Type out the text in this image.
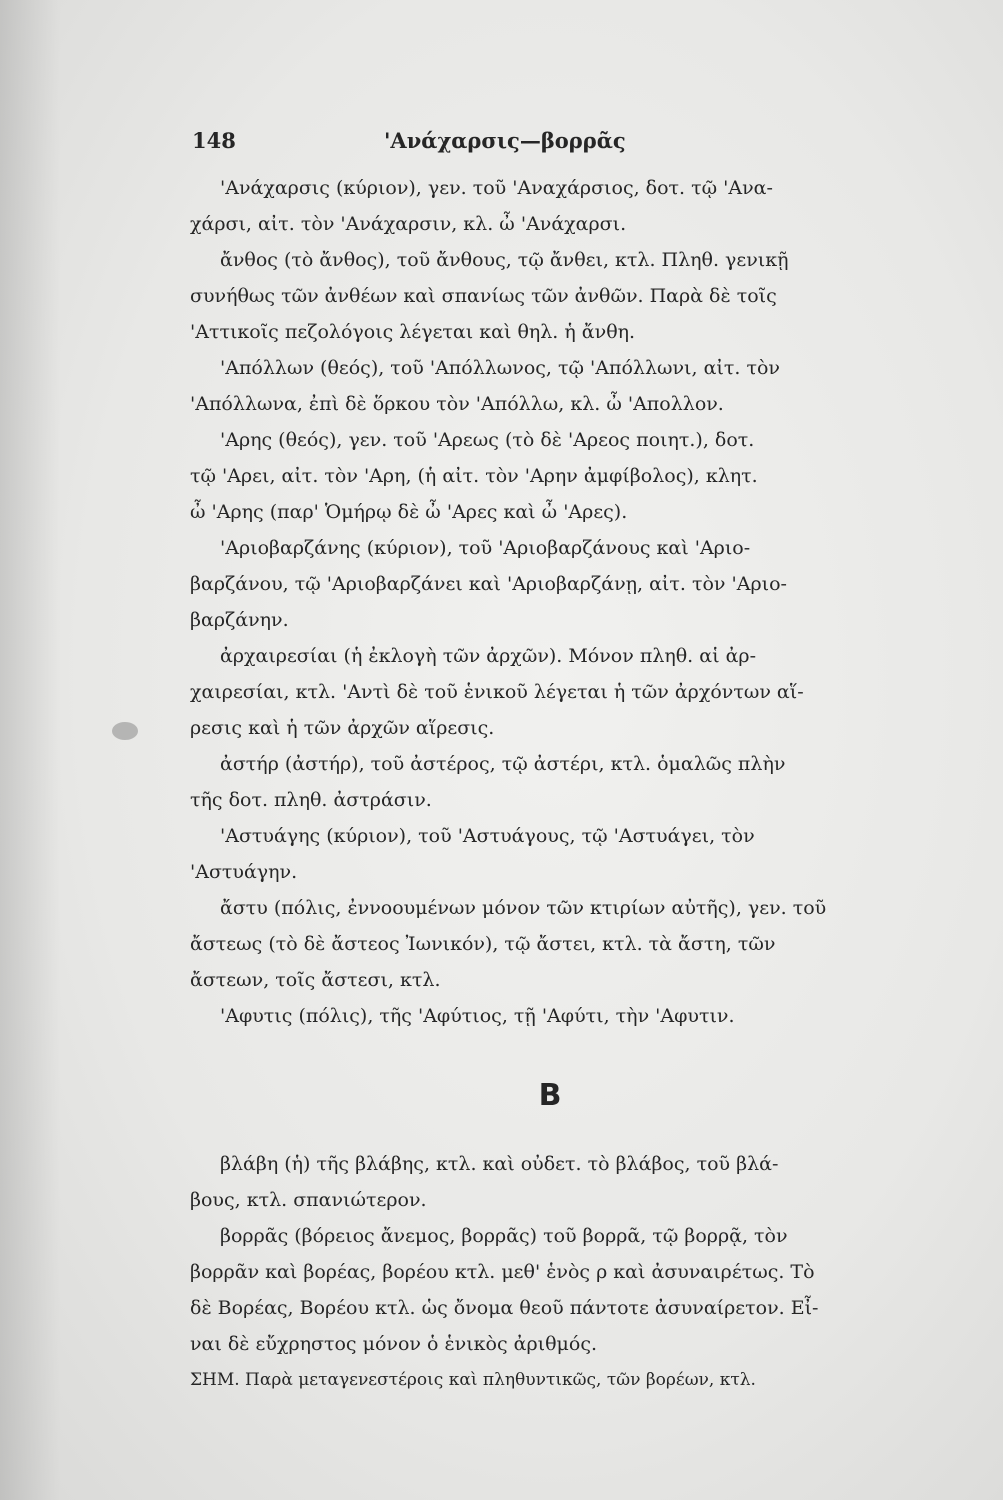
148	'Ανάχαρσις—βορρᾶς
'Ανάχαρσις (κύριον), γεν. τοῦ 'Αναχάρσιος, δοτ. τῷ 'Ανα-
χάρσι, αἰτ. τὸν 'Ανάχαρσιν, κλ. ὦ 'Ανάχαρσι.
ἄνθος (τὸ ἄνθος), τοῦ ἄνθους, τῷ ἄνθει, κτλ. Πληθ. γενικῇ
συνήθως τῶν ἀνθέων καὶ σπανίως τῶν ἀνθῶν. Παρὰ δὲ τοῖς
'Αττικοῖς πεζολόγοις λέγεται καὶ θηλ. ἡ ἄνθη.
'Απόλλων (θεός), τοῦ 'Απόλλωνος, τῷ 'Απόλλωνι, αἰτ. τὸν
'Απόλλωνα, ἐπὶ δὲ ὅρκου τὸν 'Απόλλω, κλ. ὦ 'Απολλον.
'Αρης (θεός), γεν. τοῦ 'Αρεως (τὸ δὲ 'Αρεος ποιητ.), δοτ.
τῷ 'Αρει, αἰτ. τὸν 'Αρη, (ἡ αἰτ. τὸν 'Αρην ἀμφίβολος), κλητ.
ὦ 'Αρης (παρ' Ὁμήρῳ δὲ ὦ 'Αρες καὶ ὦ 'Αρες).
'Αριοβαρζάνης (κύριον), τοῦ 'Αριοβαρζάνους καὶ 'Αριο-
βαρζάνου, τῷ 'Αριοβαρζάνει καὶ 'Αριοβαρζάνῃ, αἰτ. τὸν 'Αριο-
βαρζάνην.
ἀρχαιρεσίαι (ἡ ἐκλογὴ τῶν ἀρχῶν). Μόνον πληθ. αἱ ἀρ-
χαιρεσίαι, κτλ. 'Αντὶ δὲ τοῦ ἑνικοῦ λέγεται ἡ τῶν ἀρχόντων αἵ-
ρεσις καὶ ἡ τῶν ἀρχῶν αἵρεσις.
ἀστήρ (ἀστήρ), τοῦ ἀστέρος, τῷ ἀστέρι, κτλ. ὁμαλῶς πλὴν
τῆς δοτ. πληθ. ἀστράσιν.
'Αστυάγης (κύριον), τοῦ 'Αστυάγους, τῷ 'Αστυάγει, τὸν
'Αστυάγην.
ἄστυ (πόλις, ἐννοουμένων μόνον τῶν κτιρίων αὐτῆς), γεν. τοῦ
ἄστεως (τὸ δὲ ἄστεος Ἰωνικόν), τῷ ἄστει, κτλ. τὰ ἄστη, τῶν
ἄστεων, τοῖς ἄστεσι, κτλ.
'Αφυτις (πόλις), τῆς 'Αφύτιος, τῇ 'Αφύτι, τὴν 'Αφυτιν.
B
βλάβη (ἡ) τῆς βλάβης, κτλ. καὶ οὐδετ. τὸ βλάβος, τοῦ βλά-
βους, κτλ. σπανιώτερον.
βορρᾶς (βόρειος ἄνεμος, βορρᾶς) τοῦ βορρᾶ, τῷ βορρᾷ, τὸν
βορρᾶν καὶ βορέας, βορέου κτλ. μεθ' ἑνὸς ρ καὶ ἀσυναιρέτως. Τὸ
δὲ Βορέας, Βορέου κτλ. ὡς ὄνομα θεοῦ πάντοτε ἀσυναίρετον. Εἶ-
ναι δὲ εὔχρηστος μόνον ὁ ἑνικὸς ἀριθμός.
ΣΗΜ. Παρὰ μεταγενεστέροις καὶ πληθυντικῶς, τῶν βορέων, κτλ.
